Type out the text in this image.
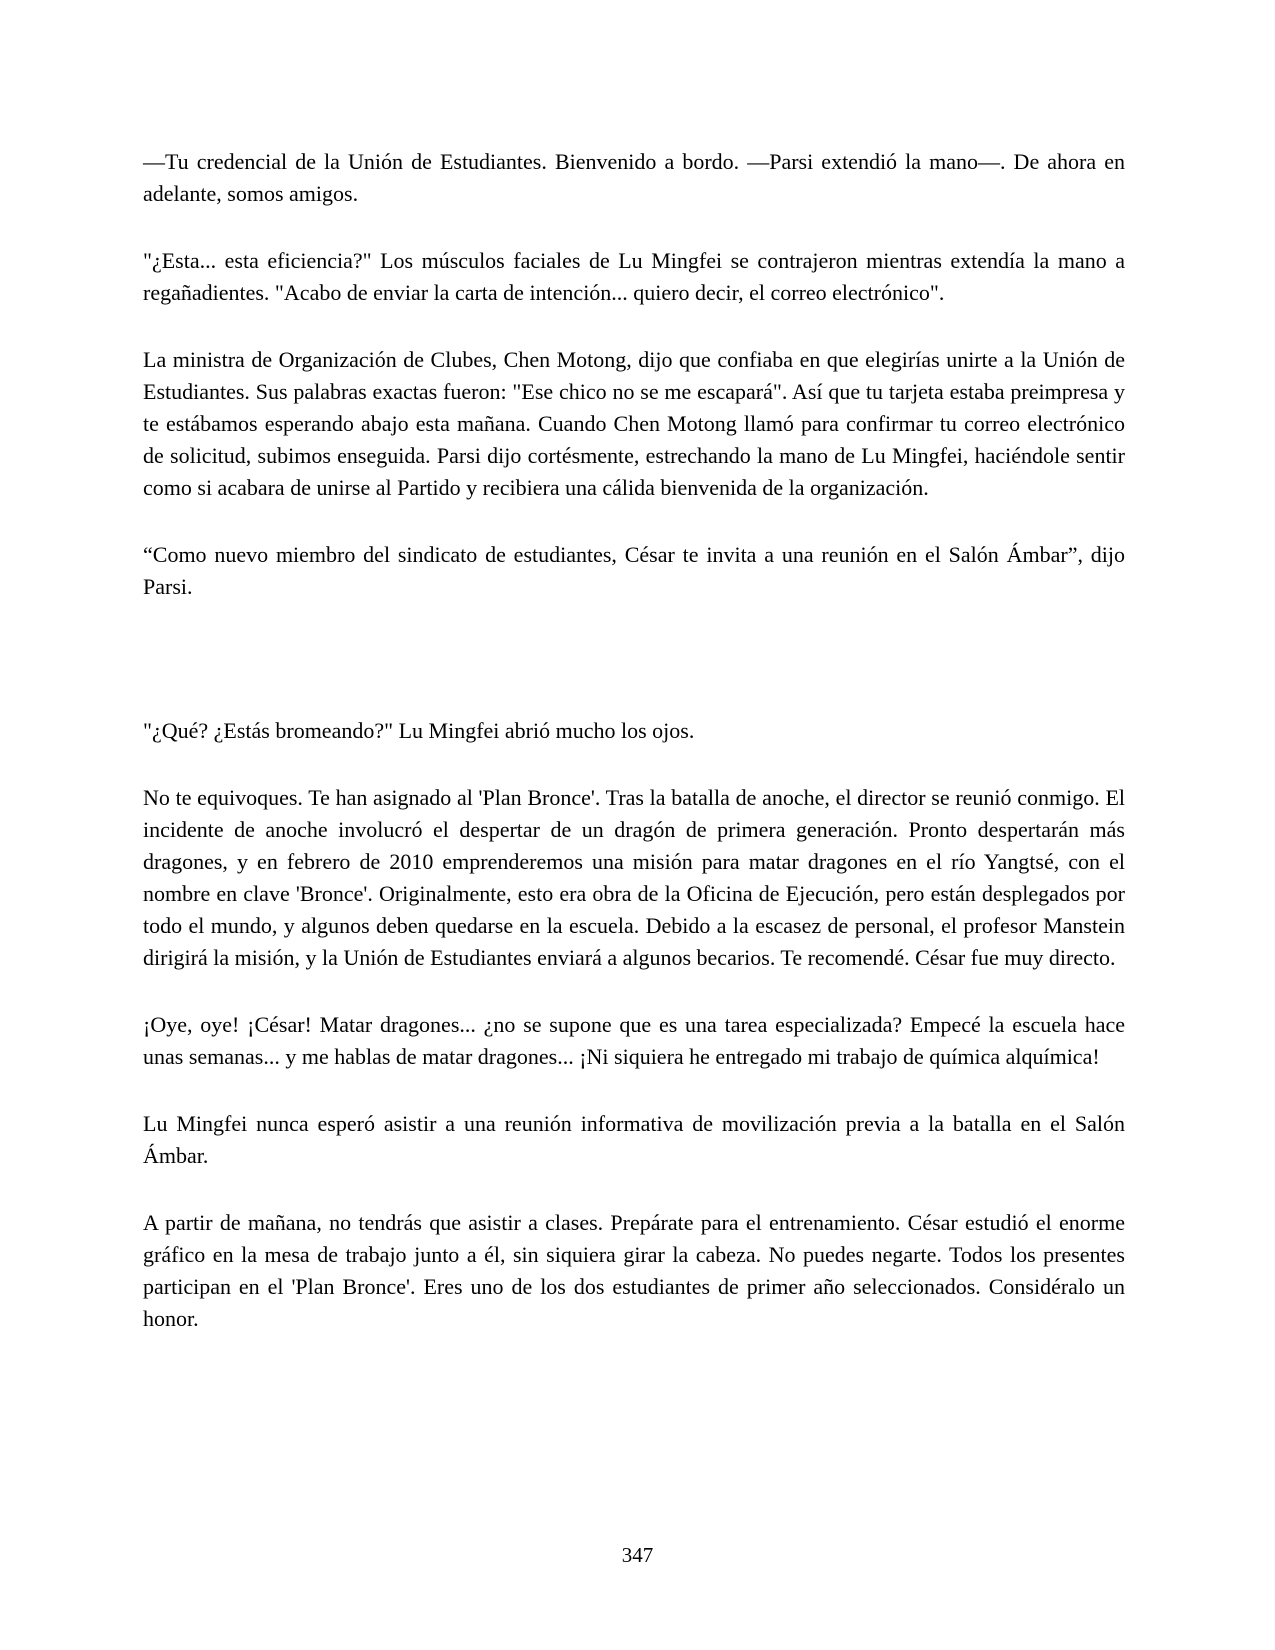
—Tu credencial de la Unión de Estudiantes. Bienvenido a bordo. —Parsi extendió la mano—. De ahora en adelante, somos amigos.

"¿Esta... esta eficiencia?" Los músculos faciales de Lu Mingfei se contrajeron mientras extendía la mano a regañadientes. "Acabo de enviar la carta de intención... quiero decir, el correo electrónico".

La ministra de Organización de Clubes, Chen Motong, dijo que confiaba en que elegirías unirte a la Unión de Estudiantes. Sus palabras exactas fueron: "Ese chico no se me escapará". Así que tu tarjeta estaba preimpresa y te estábamos esperando abajo esta mañana. Cuando Chen Motong llamó para confirmar tu correo electrónico de solicitud, subimos enseguida. Parsi dijo cortésmente, estrechando la mano de Lu Mingfei, haciéndole sentir como si acabara de unirse al Partido y recibiera una cálida bienvenida de la organización.

“Como nuevo miembro del sindicato de estudiantes, César te invita a una reunión en el Salón Ámbar”, dijo Parsi.

"¿Qué? ¿Estás bromeando?" Lu Mingfei abrió mucho los ojos.

No te equivoques. Te han asignado al 'Plan Bronce'. Tras la batalla de anoche, el director se reunió conmigo. El incidente de anoche involucró el despertar de un dragón de primera generación. Pronto despertarán más dragones, y en febrero de 2010 emprenderemos una misión para matar dragones en el río Yangtsé, con el nombre en clave 'Bronce'. Originalmente, esto era obra de la Oficina de Ejecución, pero están desplegados por todo el mundo, y algunos deben quedarse en la escuela. Debido a la escasez de personal, el profesor Manstein dirigirá la misión, y la Unión de Estudiantes enviará a algunos becarios. Te recomendé. César fue muy directo.

¡Oye, oye! ¡César! Matar dragones... ¿no se supone que es una tarea especializada? Empecé la escuela hace unas semanas... y me hablas de matar dragones... ¡Ni siquiera he entregado mi trabajo de química alquímica!

Lu Mingfei nunca esperó asistir a una reunión informativa de movilización previa a la batalla en el Salón Ámbar.

A partir de mañana, no tendrás que asistir a clases. Prepárate para el entrenamiento. César estudió el enorme gráfico en la mesa de trabajo junto a él, sin siquiera girar la cabeza. No puedes negarte. Todos los presentes participan en el 'Plan Bronce'. Eres uno de los dos estudiantes de primer año seleccionados. Considéralo un honor.

347
